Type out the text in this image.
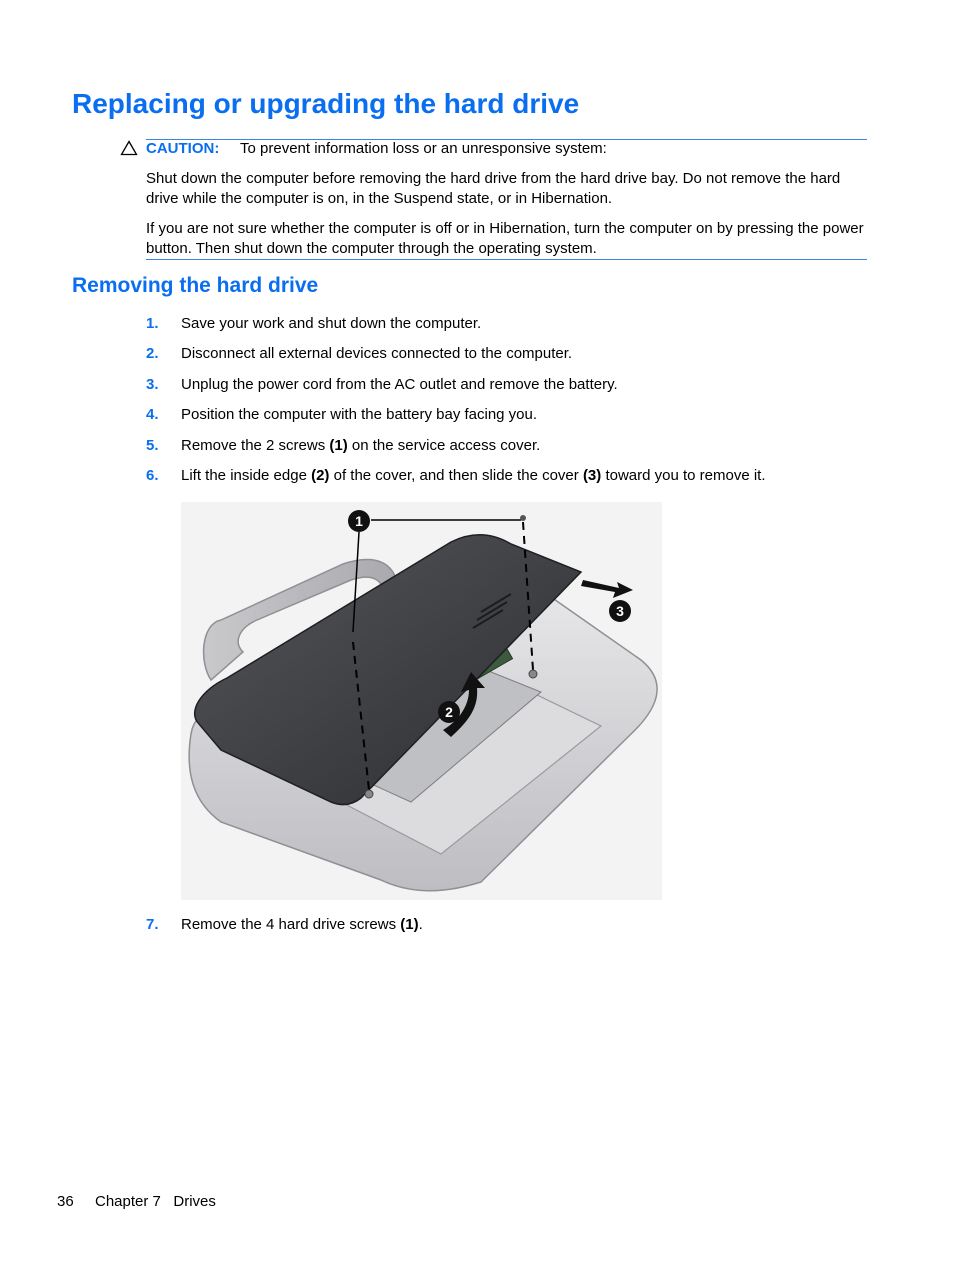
Replacing or upgrading the hard drive
CAUTION: To prevent information loss or an unresponsive system:
Shut down the computer before removing the hard drive from the hard drive bay. Do not remove the hard drive while the computer is on, in the Suspend state, or in Hibernation.
If you are not sure whether the computer is off or in Hibernation, turn the computer on by pressing the power button. Then shut down the computer through the operating system.
Removing the hard drive
1. Save your work and shut down the computer.
2. Disconnect all external devices connected to the computer.
3. Unplug the power cord from the AC outlet and remove the battery.
4. Position the computer with the battery bay facing you.
5. Remove the 2 screws (1) on the service access cover.
6. Lift the inside edge (2) of the cover, and then slide the cover (3) toward you to remove it.
1
2
3
7. Remove the 4 hard drive screws (1).
36 Chapter 7   Drives
